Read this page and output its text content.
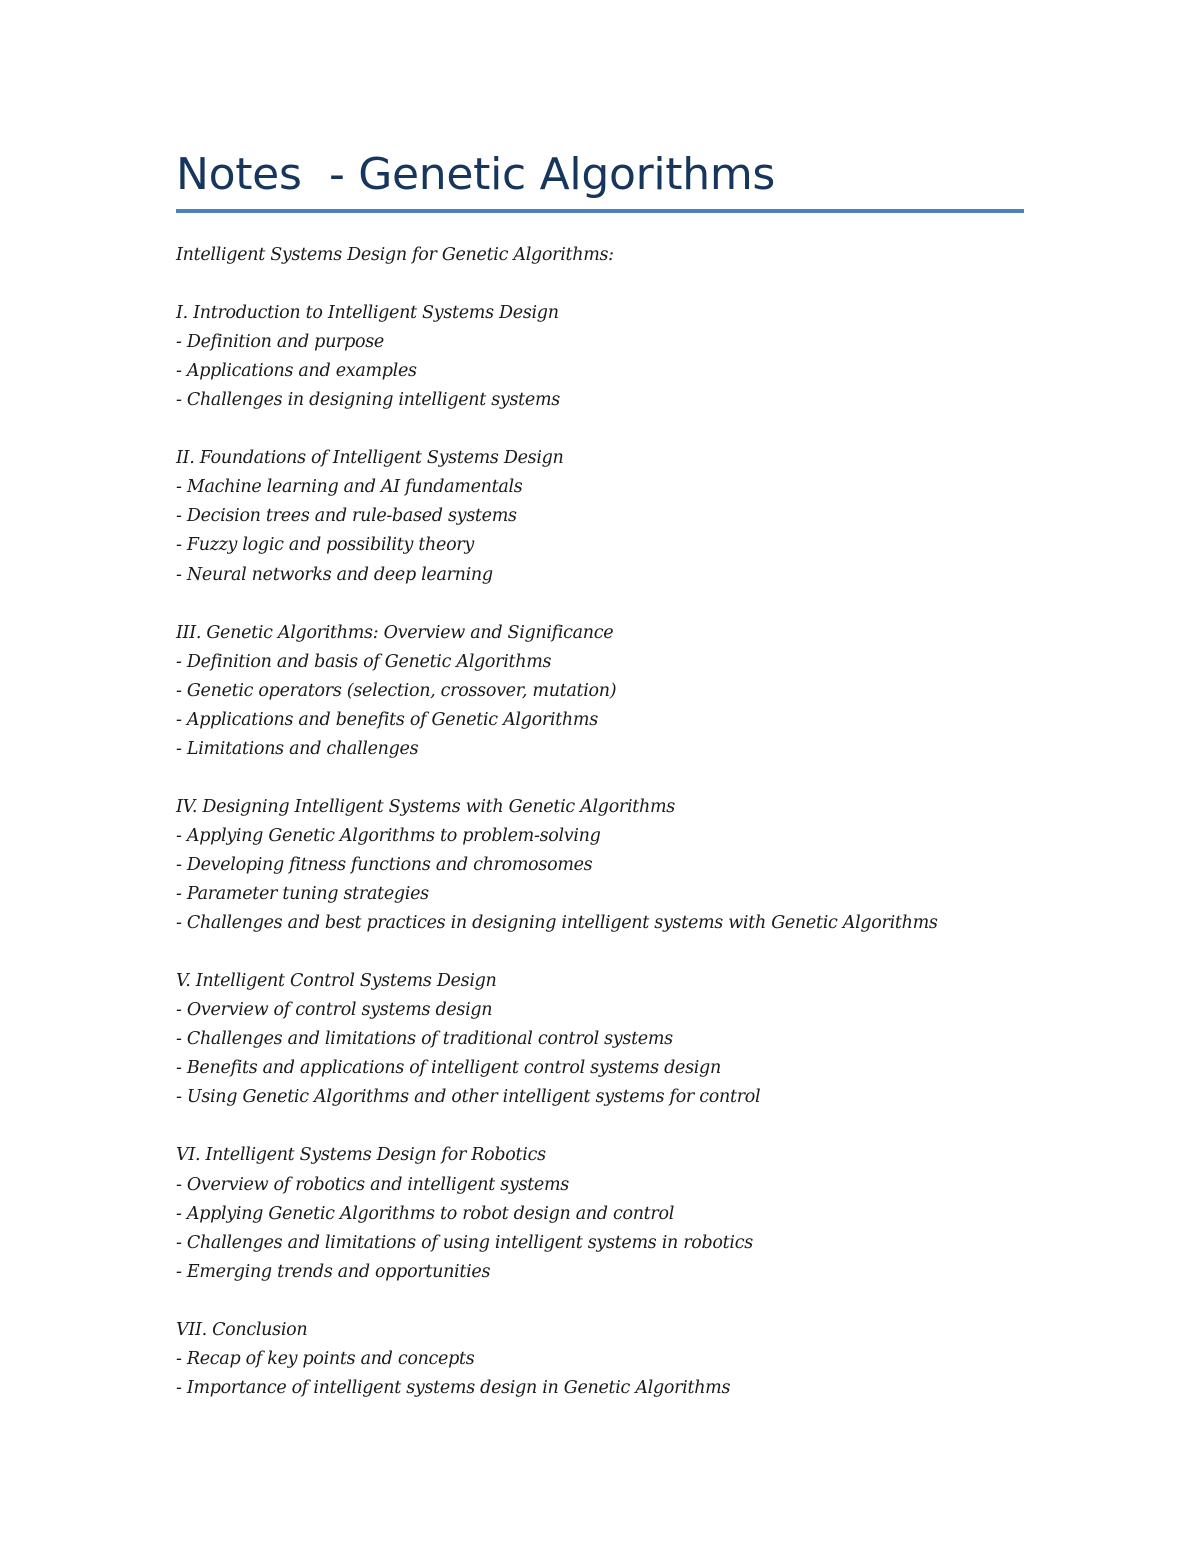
Notes  - Genetic Algorithms
Intelligent Systems Design for Genetic Algorithms:
I. Introduction to Intelligent Systems Design
- Definition and purpose
- Applications and examples
- Challenges in designing intelligent systems
II. Foundations of Intelligent Systems Design
- Machine learning and AI fundamentals
- Decision trees and rule-based systems
- Fuzzy logic and possibility theory
- Neural networks and deep learning
III. Genetic Algorithms: Overview and Significance
- Definition and basis of Genetic Algorithms
- Genetic operators (selection, crossover, mutation)
- Applications and benefits of Genetic Algorithms
- Limitations and challenges
IV. Designing Intelligent Systems with Genetic Algorithms
- Applying Genetic Algorithms to problem-solving
- Developing fitness functions and chromosomes
- Parameter tuning strategies
- Challenges and best practices in designing intelligent systems with Genetic Algorithms
V. Intelligent Control Systems Design
- Overview of control systems design
- Challenges and limitations of traditional control systems
- Benefits and applications of intelligent control systems design
- Using Genetic Algorithms and other intelligent systems for control
VI. Intelligent Systems Design for Robotics
- Overview of robotics and intelligent systems
- Applying Genetic Algorithms to robot design and control
- Challenges and limitations of using intelligent systems in robotics
- Emerging trends and opportunities
VII. Conclusion
- Recap of key points and concepts
- Importance of intelligent systems design in Genetic Algorithms
